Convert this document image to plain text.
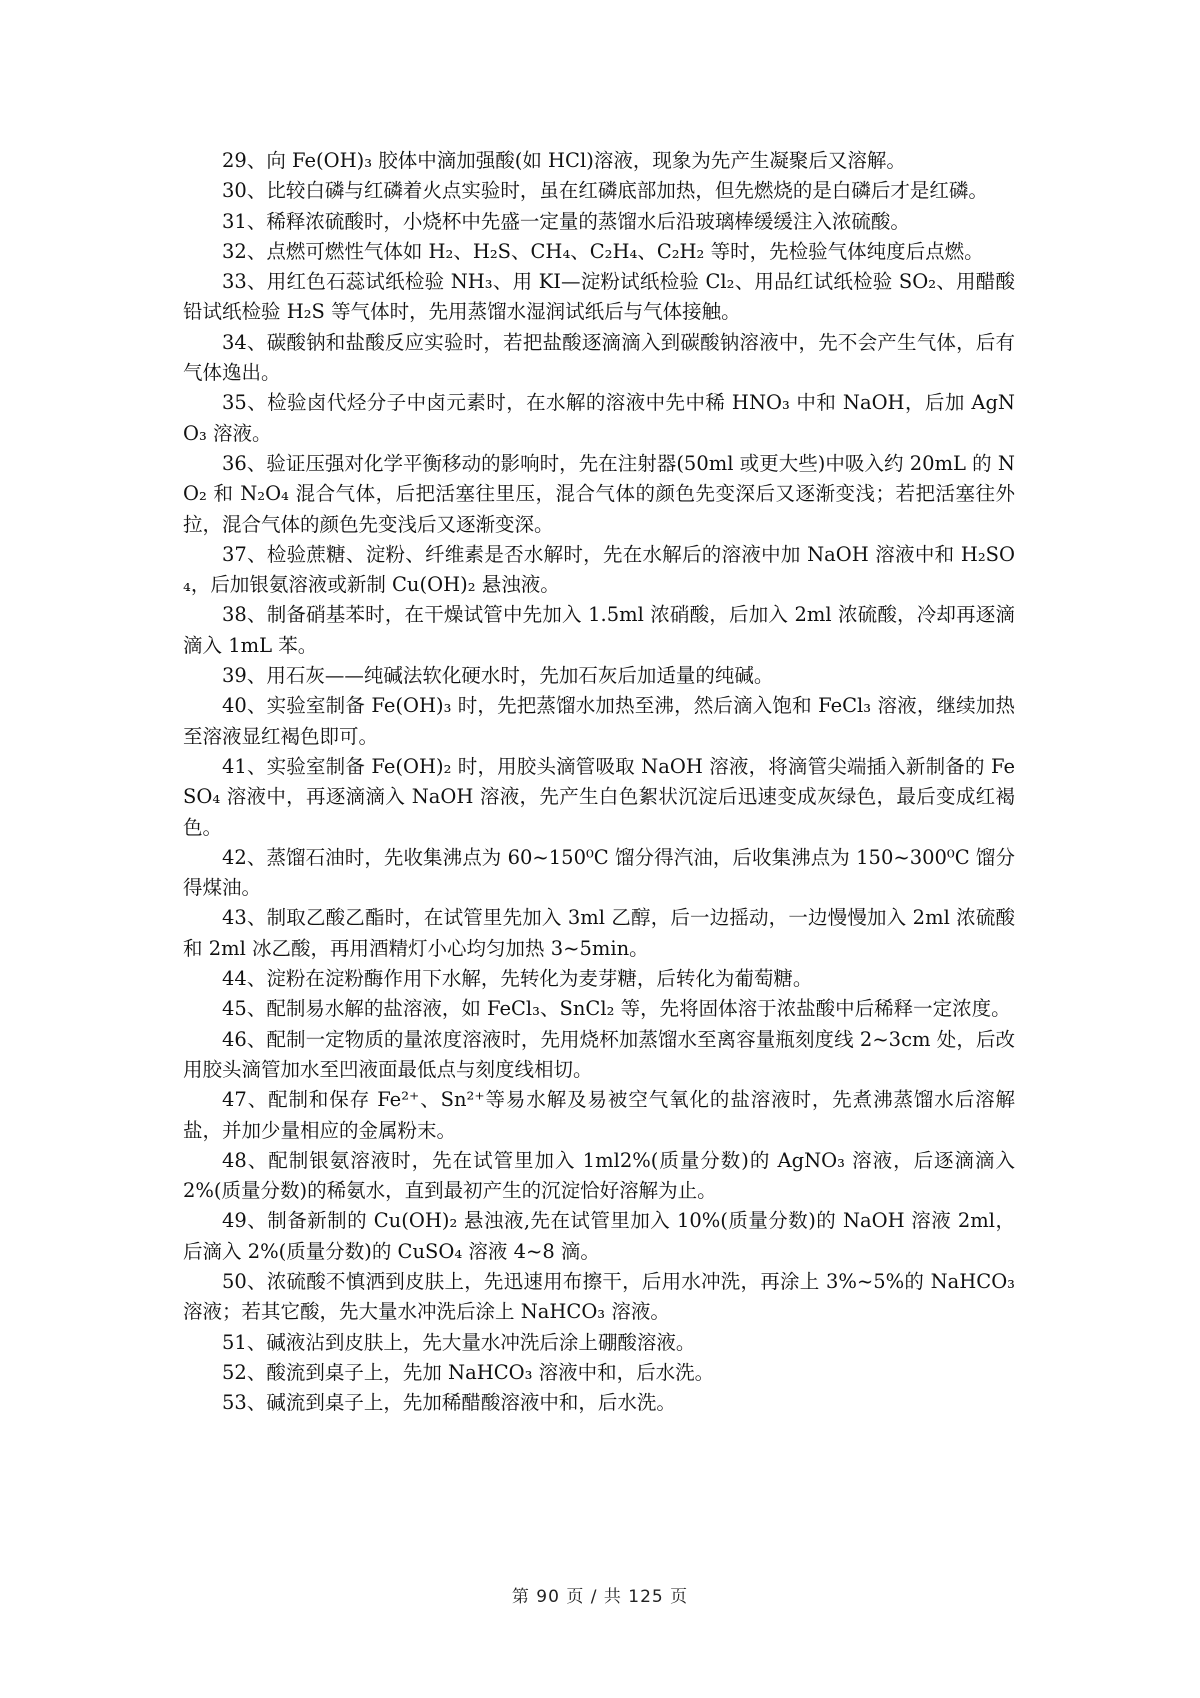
29、向 Fe(OH)₃ 胶体中滴加强酸(如 HCl)溶液，现象为先产生凝聚后又溶解。

30、比较白磷与红磷着火点实验时，虽在红磷底部加热，但先燃烧的是白磷后才是红磷。

31、稀释浓硫酸时，小烧杯中先盛一定量的蒸馏水后沿玻璃棒缓缓注入浓硫酸。

32、点燃可燃性气体如 H₂、H₂S、CH₄、C₂H₄、C₂H₂ 等时，先检验气体纯度后点燃。

33、用红色石蕊试纸检验 NH₃、用 KI—淀粉试纸检验 Cl₂、用品红试纸检验 SO₂、用醋酸铅试纸检验 H₂S 等气体时，先用蒸馏水湿润试纸后与气体接触。

34、碳酸钠和盐酸反应实验时，若把盐酸逐滴滴入到碳酸钠溶液中，先不会产生气体，后有气体逸出。

35、检验卤代烃分子中卤元素时，在水解的溶液中先中稀 HNO₃ 中和 NaOH，后加 AgNO₃ 溶液。

36、验证压强对化学平衡移动的影响时，先在注射器(50ml 或更大些)中吸入约 20mL 的 NO₂ 和 N₂O₄ 混合气体，后把活塞往里压，混合气体的颜色先变深后又逐渐变浅；若把活塞往外拉，混合气体的颜色先变浅后又逐渐变深。

37、检验蔗糖、淀粉、纤维素是否水解时，先在水解后的溶液中加 NaOH 溶液中和 H₂SO₄，后加银氨溶液或新制 Cu(OH)₂ 悬浊液。

38、制备硝基苯时，在干燥试管中先加入 1.5ml 浓硝酸，后加入 2ml 浓硫酸，冷却再逐滴滴入 1mL 苯。

39、用石灰——纯碱法软化硬水时，先加石灰后加适量的纯碱。

40、实验室制备 Fe(OH)₃ 时，先把蒸馏水加热至沸，然后滴入饱和 FeCl₃ 溶液，继续加热至溶液显红褐色即可。

41、实验室制备 Fe(OH)₂ 时，用胶头滴管吸取 NaOH 溶液，将滴管尖端插入新制备的 FeSO₄ 溶液中，再逐滴滴入 NaOH 溶液，先产生白色絮状沉淀后迅速变成灰绿色，最后变成红褐色。

42、蒸馏石油时，先收集沸点为 60~150⁰C 馏分得汽油，后收集沸点为 150~300⁰C 馏分得煤油。

43、制取乙酸乙酯时，在试管里先加入 3ml 乙醇，后一边摇动，一边慢慢加入 2ml 浓硫酸和 2ml 冰乙酸，再用酒精灯小心均匀加热 3~5min。

44、淀粉在淀粉酶作用下水解，先转化为麦芽糖，后转化为葡萄糖。

45、配制易水解的盐溶液，如 FeCl₃、SnCl₂ 等，先将固体溶于浓盐酸中后稀释一定浓度。

46、配制一定物质的量浓度溶液时，先用烧杯加蒸馏水至离容量瓶刻度线 2~3cm 处，后改用胶头滴管加水至凹液面最低点与刻度线相切。

47、配制和保存 Fe²⁺、Sn²⁺等易水解及易被空气氧化的盐溶液时，先煮沸蒸馏水后溶解盐，并加少量相应的金属粉末。

48、配制银氨溶液时，先在试管里加入 1ml2%(质量分数)的 AgNO₃ 溶液，后逐滴滴入 2%(质量分数)的稀氨水，直到最初产生的沉淀恰好溶解为止。

49、制备新制的 Cu(OH)₂ 悬浊液,先在试管里加入 10%(质量分数)的 NaOH 溶液 2ml，后滴入 2%(质量分数)的 CuSO₄ 溶液 4~8 滴。

50、浓硫酸不慎洒到皮肤上，先迅速用布擦干，后用水冲洗，再涂上 3%~5%的 NaHCO₃ 溶液；若其它酸，先大量水冲洗后涂上 NaHCO₃ 溶液。

51、碱液沾到皮肤上，先大量水冲洗后涂上硼酸溶液。

52、酸流到桌子上，先加 NaHCO₃ 溶液中和，后水洗。

53、碱流到桌子上，先加稀醋酸溶液中和，后水洗。

第 90 页 / 共 125 页
